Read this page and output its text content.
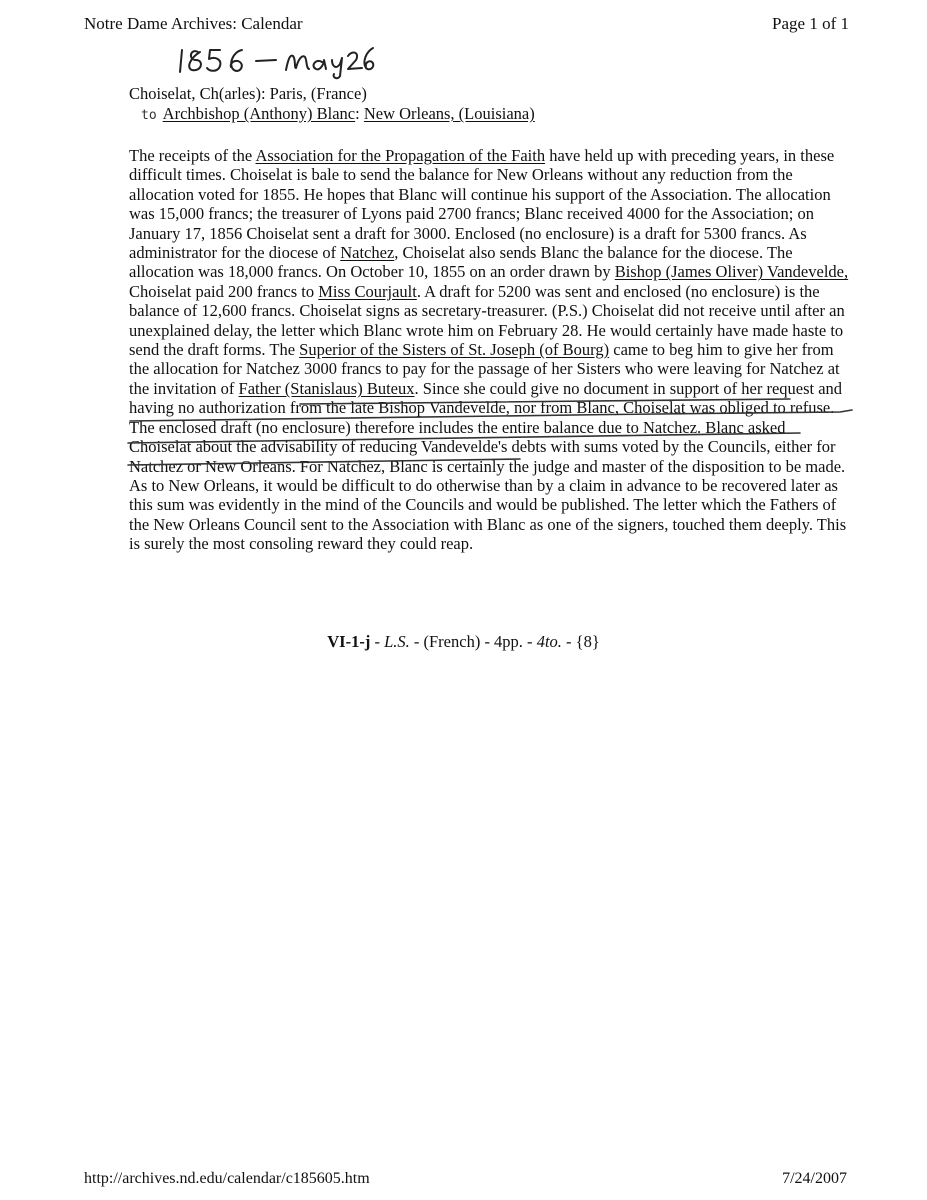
Notre Dame Archives: Calendar	Page 1 of 1
Choiselat, Ch(arles): Paris, (France)
to Archbishop (Anthony) Blanc: New Orleans, (Louisiana)
The receipts of the Association for the Propagation of the Faith have held up with preceding years, in these difficult times. Choiselat is bale to send the balance for New Orleans without any reduction from the allocation voted for 1855. He hopes that Blanc will continue his support of the Association. The allocation was 15,000 francs; the treasurer of Lyons paid 2700 francs; Blanc received 4000 for the Association; on January 17, 1856 Choiselat sent a draft for 3000. Enclosed (no enclosure) is a draft for 5300 francs. As administrator for the diocese of Natchez, Choiselat also sends Blanc the balance for the diocese. The allocation was 18,000 francs. On October 10, 1855 on an order drawn by Bishop (James Oliver) Vandevelde, Choiselat paid 200 francs to Miss Courjault. A draft for 5200 was sent and enclosed (no enclosure) is the balance of 12,600 francs. Choiselat signs as secretary-treasurer. (P.S.) Choiselat did not receive until after an unexplained delay, the letter which Blanc wrote him on February 28. He would certainly have made haste to send the draft forms. The Superior of the Sisters of St. Joseph (of Bourg) came to beg him to give her from the allocation for Natchez 3000 francs to pay for the passage of her Sisters who were leaving for Natchez at the invitation of Father (Stanislaus) Buteux. Since she could give no document in support of her request and having no authorization from the late Bishop Vandevelde, nor from Blanc, Choiselat was obliged to refuse. The enclosed draft (no enclosure) therefore includes the entire balance due to Natchez. Blanc asked Choiselat about the advisability of reducing Vandevelde's debts with sums voted by the Councils, either for Natchez or New Orleans. For Natchez, Blanc is certainly the judge and master of the disposition to be made. As to New Orleans, it would be difficult to do otherwise than by a claim in advance to be recovered later as this sum was evidently in the mind of the Councils and would be published. The letter which the Fathers of the New Orleans Council sent to the Association with Blanc as one of the signers, touched them deeply. This is surely the most consoling reward they could reap.
VI-1-j - L.S. - (French) - 4pp. - 4to. - {8}
http://archives.nd.edu/calendar/c185605.htm	7/24/2007
